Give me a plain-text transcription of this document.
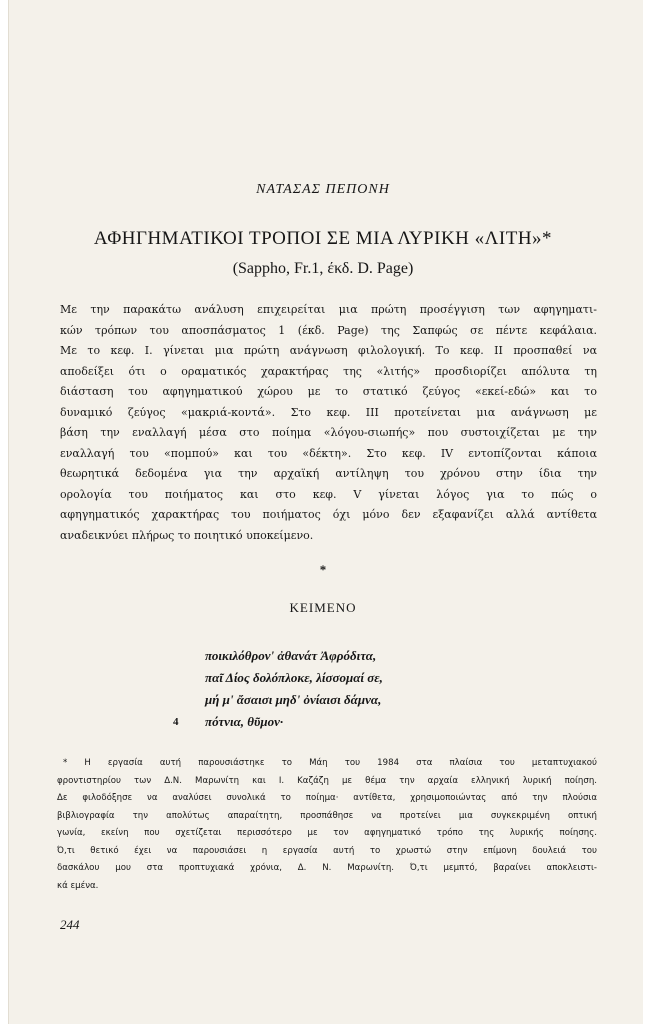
ΝΑΤΑΣΑΣ ΠΕΠΟΝΗ
ΑΦΗΓΗΜΑΤΙΚΟΙ ΤΡΟΠΟΙ ΣΕ ΜΙΑ ΛΥΡΙΚΗ «ΛΙΤΗ»*
(Sappho, Fr.1, έκδ. D. Page)
Με την παρακάτω ανάλυση επιχειρείται μια πρώτη προσέγγιση των αφηγηματι-
κών τρόπων του αποσπάσματος 1 (έκδ. Page) της Σαπφώς σε πέντε κεφάλαια.
Με το κεφ. Ι. γίνεται μια πρώτη ανάγνωση φιλολογική. Το κεφ. ΙΙ προσπαθεί να
αποδείξει ότι ο οραματικός χαρακτήρας της «λιτής» προσδιορίζει απόλυτα τη
διάσταση του αφηγηματικού χώρου με το στατικό ζεύγος «εκεί-εδώ» και το
δυναμικό ζεύγος «μακριά-κοντά». Στο κεφ. ΙΙΙ προτείνεται μια ανάγνωση με
βάση την εναλλαγή μέσα στο ποίημα «λόγου-σιωπής» που συστοιχίζεται με την
εναλλαγή του «πομπού» και του «δέκτη». Στο κεφ. IV εντοπίζονται κάποια
θεωρητικά δεδομένα για την αρχαϊκή αντίληψη του χρόνου στην ίδια την
ορολογία του ποιήματος και στο κεφ. V γίνεται λόγος για το πώς ο
αφηγηματικός χαρακτήρας του ποιήματος όχι μόνο δεν εξαφανίζει αλλά αντίθετα
αναδεικνύει πλήρως το ποιητικό υποκείμενο.
*
ΚΕΙΜΕΝΟ
ποικιλόθρον' ἀθανάτ Ἀφρόδιτα,
παῖ Δίος δολόπλοκε, λίσσομαί σε,
μή μ' ἄσαισι μηδ' ὀνίαισι δάμνα,
4 πότνια, θῦμον·
* Η εργασία αυτή παρουσιάστηκε το Μάη του 1984 στα πλαίσια του μεταπτυχιακού
φροντιστηρίου των Δ.Ν. Μαρωνίτη και Ι. Καζάζη με θέμα την αρχαία ελληνική λυρική ποίηση.
Δε φιλοδόξησε να αναλύσει συνολικά το ποίημα· αντίθετα, χρησιμοποιώντας από την πλούσια
βιβλιογραφία την απολύτως απαραίτητη, προσπάθησε να προτείνει μια συγκεκριμένη οπτική
γωνία, εκείνη που σχετίζεται περισσότερο με τον αφηγηματικό τρόπο της λυρικής ποίησης.
Ό,τι θετικό έχει να παρουσιάσει η εργασία αυτή το χρωστώ στην επίμονη δουλειά του
δασκάλου μου στα προπτυχιακά χρόνια, Δ. Ν. Μαρωνίτη. Ό,τι μεμπτό, βαραίνει αποκλειστι-
κά εμένα.
244
